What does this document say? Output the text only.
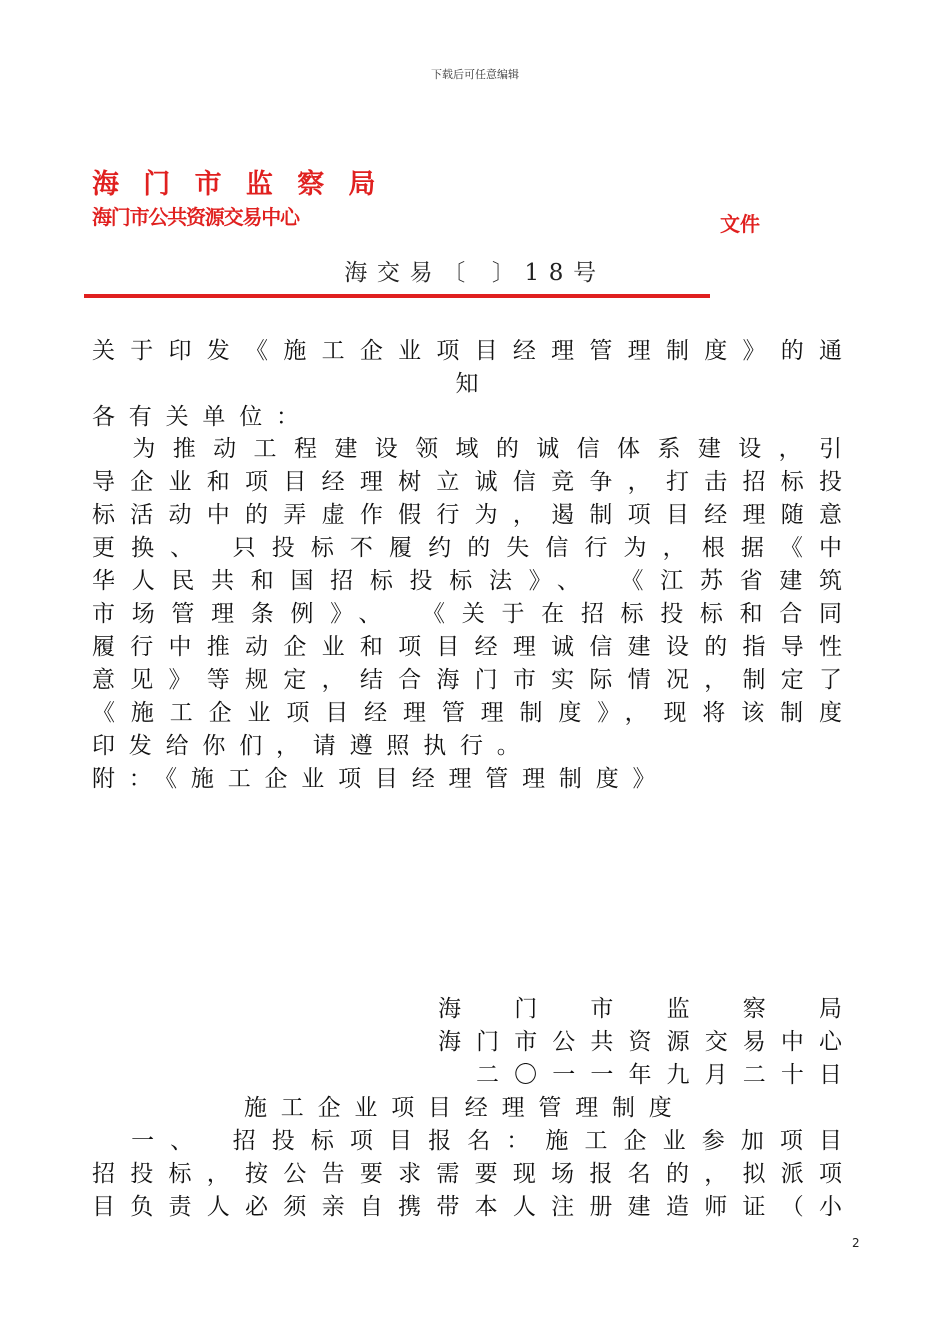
下载后可任意编辑
海门市监察局
海门市公共资源交易中心	文件
海交易〔 〕18号
关于印发《施工企业项目经理管理制度》的通
知
各有关单位：
　为推动工程建设领域的诚信体系建设，引
导企业和项目经理树立诚信竞争，打击招标投
标活动中的弄虚作假行为，遏制项目经理随意
更换、 只投标不履约的失信行为，根据《中
华人民共和国招标投标法》、 《江苏省建筑
市场管理条例》、 《关于在招标投标和合同
履行中推动企业和项目经理诚信建设的指导性
意见》等规定，结合海门市实际情况，制定了
《施工企业项目经理管理制度》，现将该制度
印发给你们，请遵照执行。
附：《施工企业项目经理管理制度》
海门市监察局
海门市公共资源交易中心
二〇一一年九月二十日
施工企业项目经理管理制度
　一、 招投标项目报名：施工企业参加项目
招投标，按公告要求需要现场报名的，拟派项
目负责人必须亲自携带本人注册建造师证（小
2
